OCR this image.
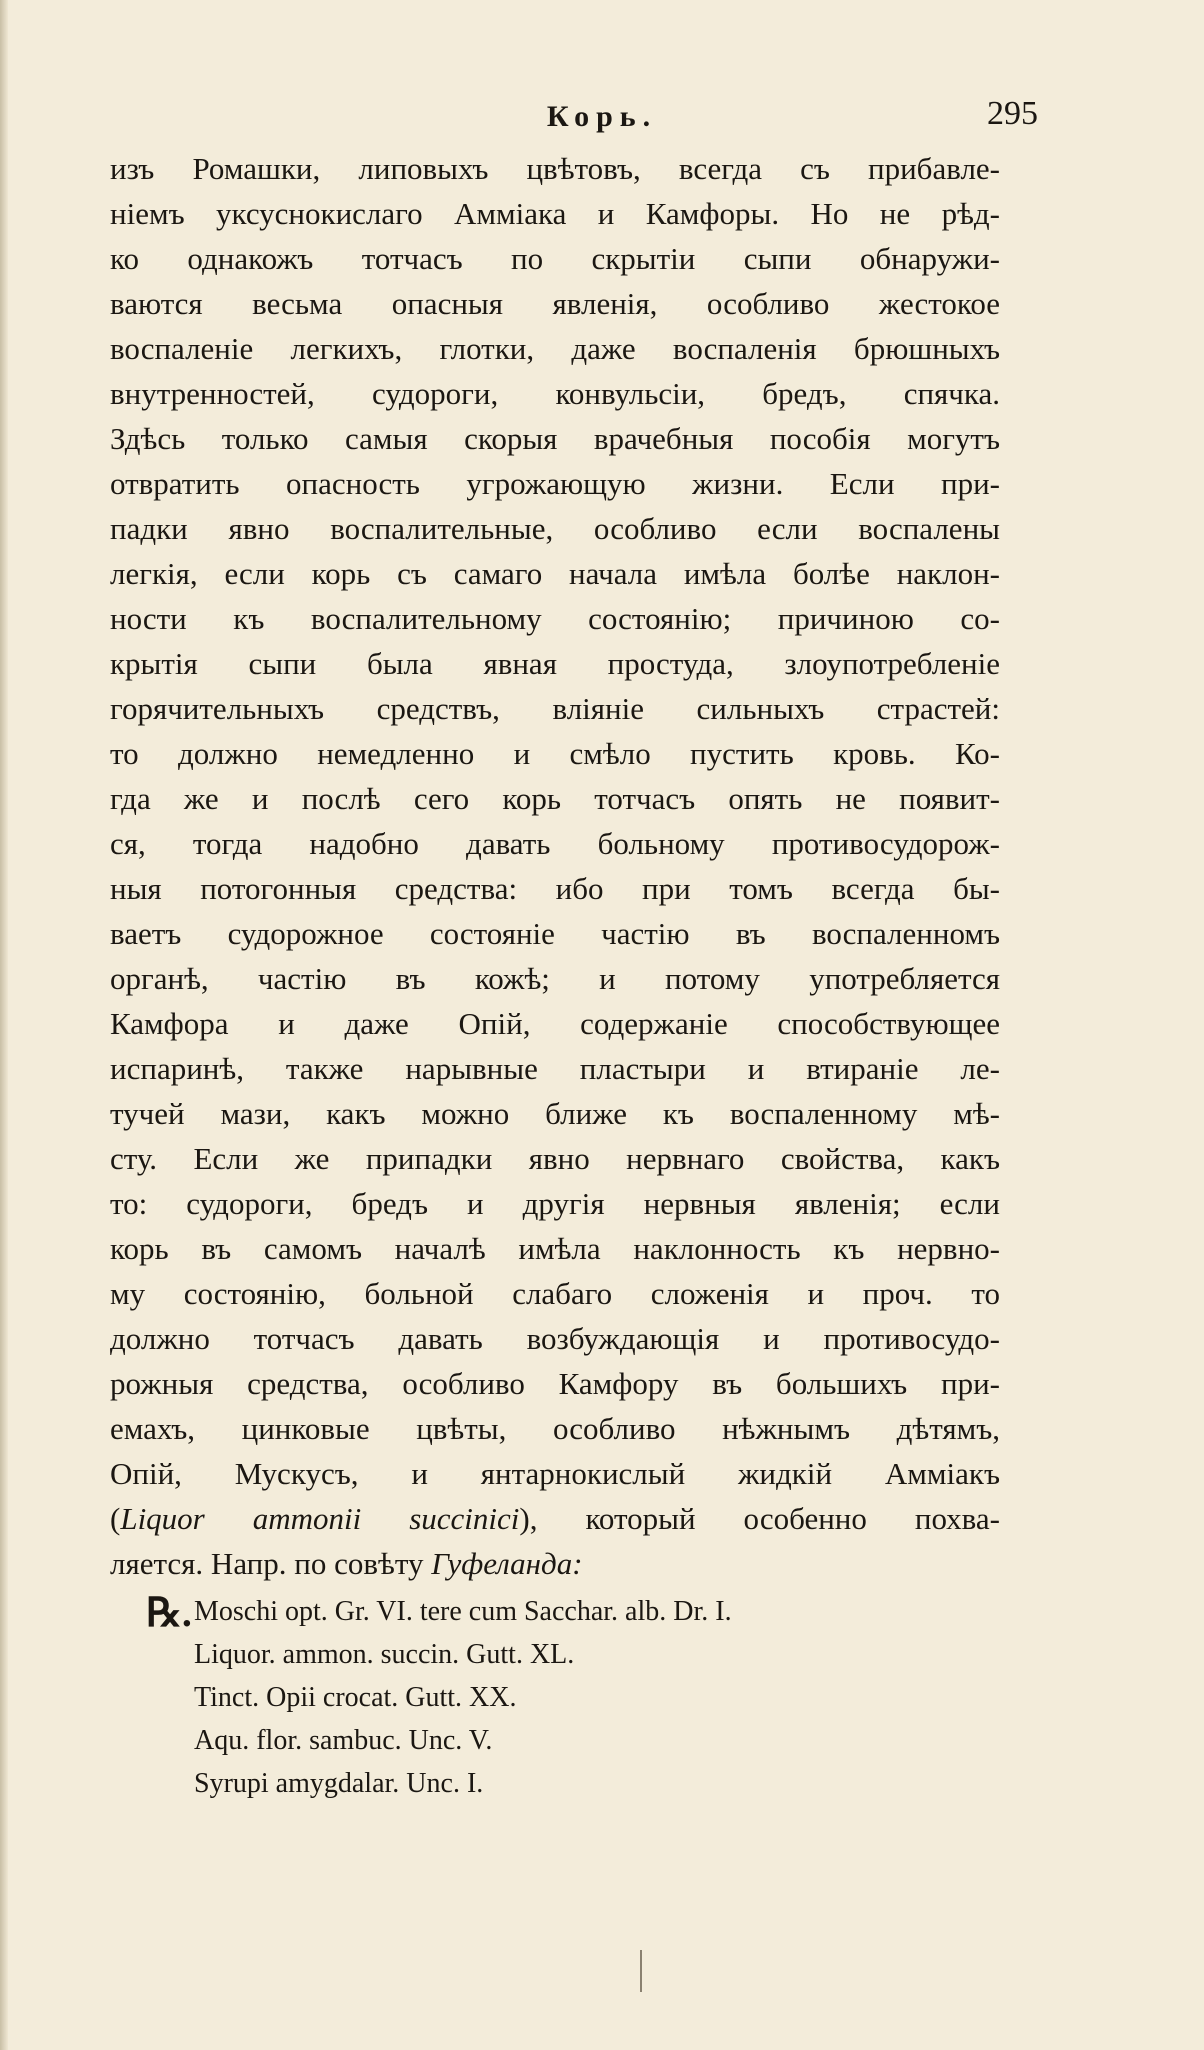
Корь.	295
изъ Ромашки, липовыхъ цвѣтовъ, всегда съ прибавле-
ніемъ уксуснокислаго Амміака и Камфоры. Но не рѣд-
ко однакожъ тотчасъ по скрытіи сыпи обнаружи-
ваются весьма опасныя явленія, особливо жестокое
воспаленіе легкихъ, глотки, даже воспаленія брюшныхъ
внутренностей, судороги, конвульсіи, бредъ, спячка.
Здѣсь только самыя скорыя врачебныя пособія могутъ
отвратить опасность угрожающую жизни. Если при-
падки явно воспалительные, особливо если воспалены
легкія, если корь съ самаго начала имѣла болѣе наклон-
ности къ воспалительному состоянію; причиною со-
крытія сыпи была явная простуда, злоупотребленіе
горячительныхъ средствъ, вліяніе сильныхъ страстей:
то должно немедленно и смѣло пустить кровь. Ко-
гда же и послѣ сего корь тотчасъ опять не появит-
ся, тогда надобно давать больному противосудорож-
ныя потогонныя средства: ибо при томъ всегда бы-
ваетъ судорожное состояніе частію въ воспаленномъ
органѣ, частію въ кожѣ; и потому употребляется
Камфора и даже Опій, содержаніе способствующее
испаринѣ, также нарывные пластыри и втираніе ле-
тучей мази, какъ можно ближе къ воспаленному мѣ-
сту. Если же припадки явно нервнаго свойства, какъ
то: судороги, бредъ и другія нервныя явленія; если
корь въ самомъ началѣ имѣла наклонность къ нервно-
му состоянію, больной слабаго сложенія и проч. то
должно тотчасъ давать возбуждающія и противосудо-
рожныя средства, особливо Камфору въ большихъ при-
емахъ, цинковые цвѣты, особливо нѣжнымъ дѣтямъ,
Опій, Мускусъ, и янтарнокислый жидкій Амміакъ
(Liquor ammonii succinici), который особенно похва-
ляется. Напр. по совѣту Гуфеланда:
℞. Moschi opt. Gr. VI. tere cum Sacchar. alb. Dr. I.
Liquor. ammon. succin. Gutt. XL.
Tinct. Opii crocat. Gutt. XX.
Aqu. flor. sambuc. Unc. V.
Syrupi amygdalar. Unc. I.
